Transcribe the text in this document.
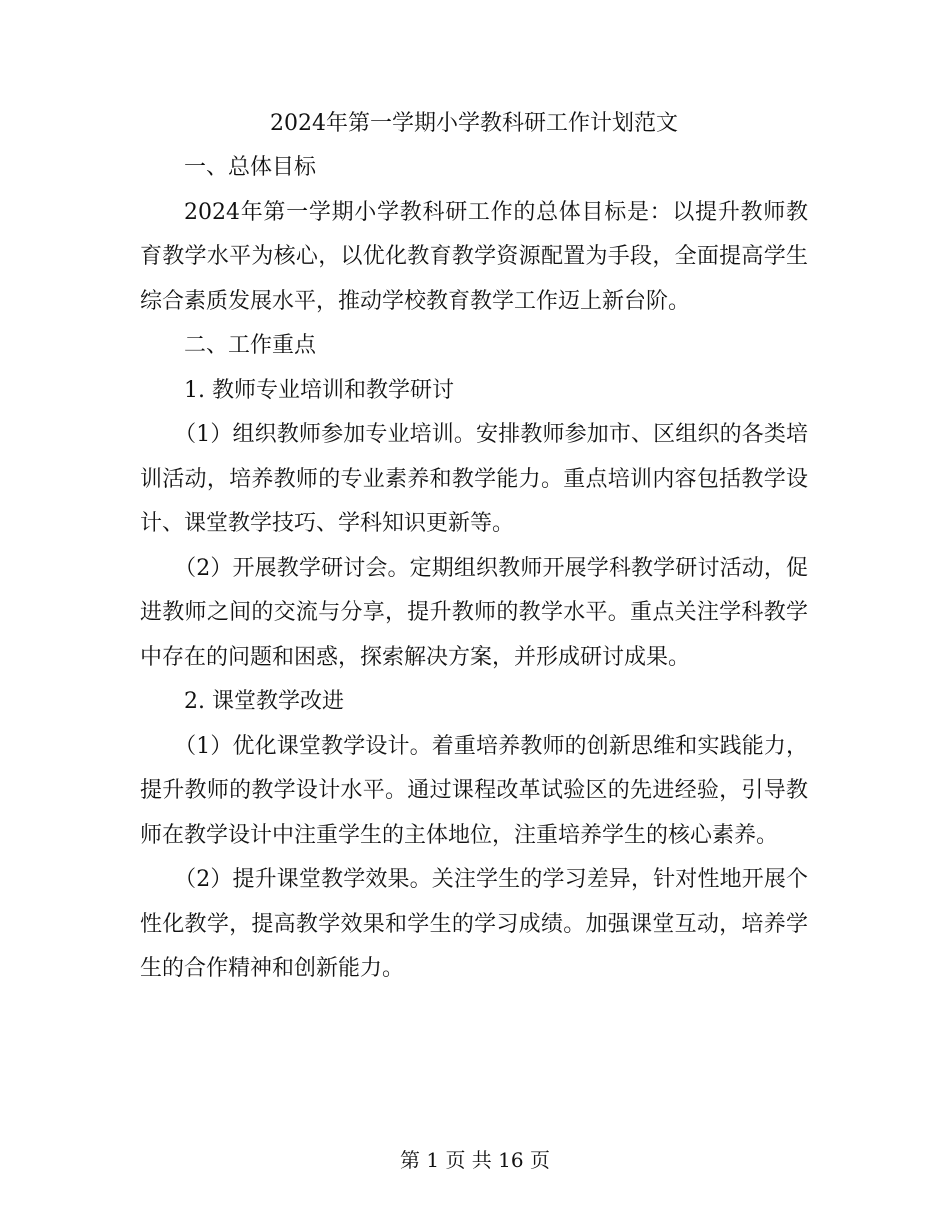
2024年第一学期小学教科研工作计划范文

一、总体目标

2024年第一学期小学教科研工作的总体目标是：以提升教师教育教学水平为核心，以优化教育教学资源配置为手段，全面提高学生综合素质发展水平，推动学校教育教学工作迈上新台阶。

二、工作重点

1. 教师专业培训和教学研讨

（1）组织教师参加专业培训。安排教师参加市、区组织的各类培训活动，培养教师的专业素养和教学能力。重点培训内容包括教学设计、课堂教学技巧、学科知识更新等。

（2）开展教学研讨会。定期组织教师开展学科教学研讨活动，促进教师之间的交流与分享，提升教师的教学水平。重点关注学科教学中存在的问题和困惑，探索解决方案，并形成研讨成果。

2. 课堂教学改进

（1）优化课堂教学设计。着重培养教师的创新思维和实践能力，提升教师的教学设计水平。通过课程改革试验区的先进经验，引导教师在教学设计中注重学生的主体地位，注重培养学生的核心素养。

（2）提升课堂教学效果。关注学生的学习差异，针对性地开展个性化教学，提高教学效果和学生的学习成绩。加强课堂互动，培养学生的合作精神和创新能力。

第 1 页 共 16 页
